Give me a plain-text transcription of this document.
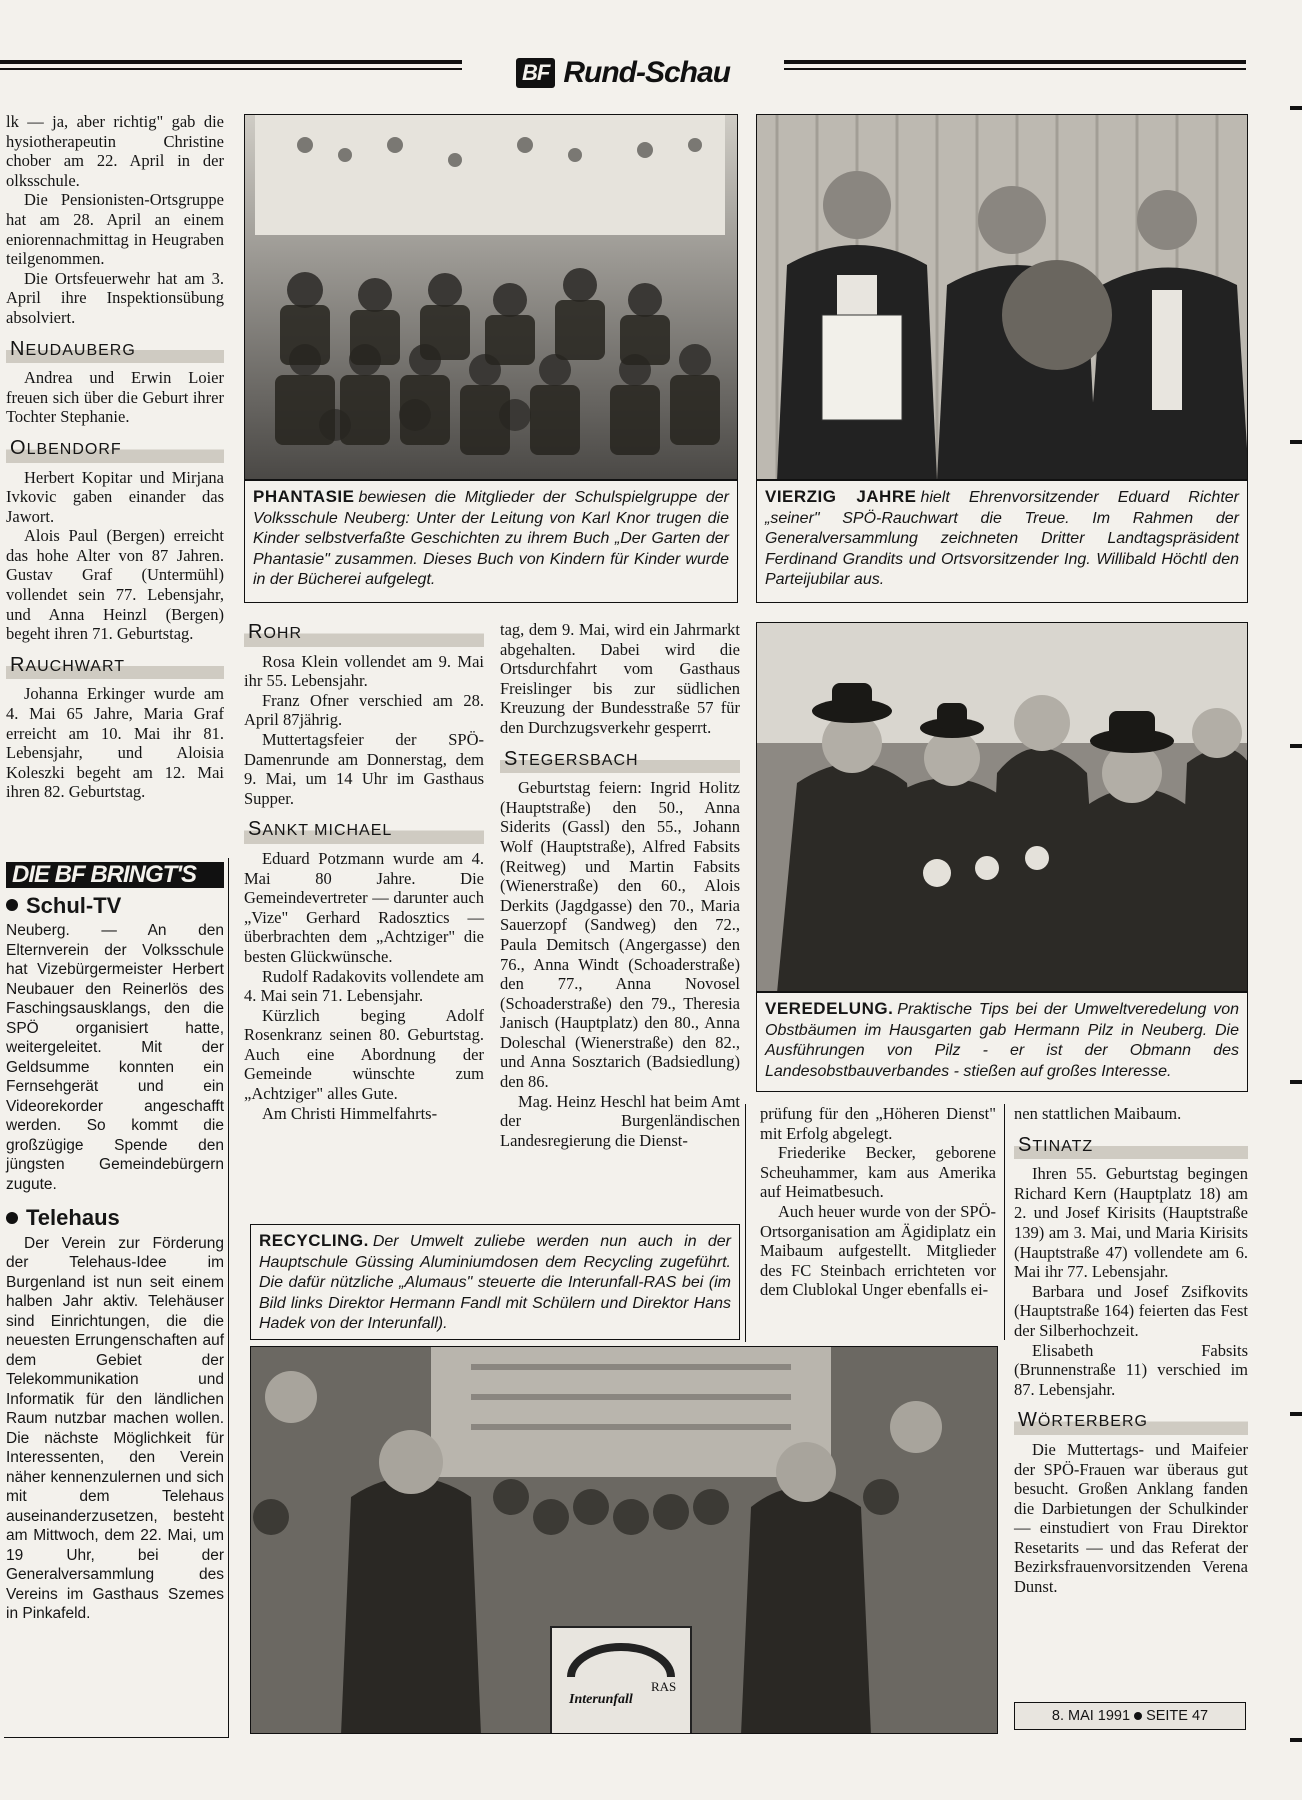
BF Rund-Schau

lk — ja, aber richtig" gab die hysiotherapeutin Christine chober am 22. April in der olksschule.

Die Pensionisten-Ortsgruppe hat am 28. April an einem eniorennachmittag in Heugraben teilgenommen.

Die Ortsfeuerwehr hat am 3. April ihre Inspektionsübung absolviert.

NEUDAUBERG

Andrea und Erwin Loier freuen sich über die Geburt ihrer Tochter Stephanie.

OLBENDORF

Herbert Kopitar und Mirjana Ivkovic gaben einander das Jawort.

Alois Paul (Bergen) erreicht das hohe Alter von 87 Jahren. Gustav Graf (Untermühl) vollendet sein 77. Lebensjahr, und Anna Heinzl (Bergen) begeht ihren 71. Geburtstag.

RAUCHWART

Johanna Erkinger wurde am 4. Mai 65 Jahre, Maria Graf erreicht am 10. Mai ihr 81. Lebensjahr, und Aloisia Koleszki begeht am 12. Mai ihren 82. Geburtstag.

DIE BF BRINGT'S
Schul-TV

Neuberg. — An den Elternverein der Volksschule hat Vizebürgermeister Herbert Neubauer den Reinerlös des Faschingsausklangs, den die SPÖ organisiert hatte, weitergeleitet. Mit der Geldsumme konnten ein Fernsehgerät und ein Videorekorder angeschafft werden. So kommt die großzügige Spende den jüngsten Gemeindebürgern zugute.

Telehaus

Der Verein zur Förderung der Telehaus-Idee im Burgenland ist nun seit einem halben Jahr aktiv. Telehäuser sind Einrichtungen, die die neuesten Errungenschaften auf dem Gebiet der Telekommunikation und Informatik für den ländlichen Raum nutzbar machen wollen. Die nächste Möglichkeit für Interessenten, den Verein näher kennenzulernen und sich mit dem Telehaus auseinanderzusetzen, besteht am Mittwoch, dem 22. Mai, um 19 Uhr, bei der Generalversammlung des Vereins im Gasthaus Szemes in Pinkafeld.

PHANTASIE bewiesen die Mitglieder der Schulspielgruppe der Volksschule Neuberg: Unter der Leitung von Karl Knor trugen die Kinder selbstverfaßte Geschichten zu ihrem Buch „Der Garten der Phantasie" zusammen. Dieses Buch von Kindern für Kinder wurde in der Bücherei aufgelegt.
VIERZIG JAHRE hielt Ehrenvorsitzender Eduard Richter „seiner" SPÖ-Rauchwart die Treue. Im Rahmen der Generalversammlung zeichneten Dritter Landtagspräsident Ferdinand Grandits und Ortsvorsitzender Ing. Willibald Höchtl den Parteijubilar aus.
ROHR

Rosa Klein vollendet am 9. Mai ihr 55. Lebensjahr.

Franz Ofner verschied am 28. April 87jährig.

Muttertagsfeier der SPÖ-Damenrunde am Donnerstag, dem 9. Mai, um 14 Uhr im Gasthaus Supper.

SANKT MICHAEL

Eduard Potzmann wurde am 4. Mai 80 Jahre. Die Gemeindevertreter — darunter auch „Vize" Gerhard Radosztics — überbrachten dem „Achtziger" die besten Glückwünsche.

Rudolf Radakovits vollendete am 4. Mai sein 71. Lebensjahr.

Kürzlich beging Adolf Rosenkranz seinen 80. Geburtstag. Auch eine Abordnung der Gemeinde wünschte zum „Achtziger" alles Gute.

Am Christi Himmelfahrts-

tag, dem 9. Mai, wird ein Jahrmarkt abgehalten. Dabei wird die Ortsdurchfahrt vom Gasthaus Freislinger bis zur südlichen Kreuzung der Bundesstraße 57 für den Durchzugsverkehr gesperrt.

STEGERSBACH

Geburtstag feiern: Ingrid Holitz (Hauptstraße) den 50., Anna Siderits (Gassl) den 55., Johann Wolf (Hauptstraße), Alfred Fabsits (Reitweg) und Martin Fabsits (Wienerstraße) den 60., Alois Derkits (Jagdgasse) den 70., Maria Sauerzopf (Sandweg) den 72., Paula Demitsch (Angergasse) den 76., Anna Windt (Schoaderstraße) den 77., Anna Novosel (Schoaderstraße) den 79., Theresia Janisch (Hauptplatz) den 80., Anna Doleschal (Wienerstraße) den 82., und Anna Sosztarich (Badsiedlung) den 86.

Mag. Heinz Heschl hat beim Amt der Burgenländischen Landesregierung die Dienst-

VEREDELUNG. Praktische Tips bei der Umweltveredelung von Obstbäumen im Hausgarten gab Hermann Pilz in Neuberg. Die Ausführungen von Pilz - er ist der Obmann des Landesobstbauverbandes - stießen auf großes Interesse.

prüfung für den „Höheren Dienst" mit Erfolg abgelegt.

Friederike Becker, geborene Scheuhammer, kam aus Amerika auf Heimatbesuch.

Auch heuer wurde von der SPÖ-Ortsorganisation am Ägidiplatz ein Maibaum aufgestellt. Mitglieder des FC Steinbach errichteten vor dem Clublokal Unger ebenfalls ei-

nen stattlichen Maibaum.

STINATZ

Ihren 55. Geburtstag begingen Richard Kern (Hauptplatz 18) am 2. und Josef Kirisits (Hauptstraße 139) am 3. Mai, und Maria Kirisits (Hauptstraße 47) vollendete am 6. Mai ihr 77. Lebensjahr.

Barbara und Josef Zsifkovits (Hauptstraße 164) feierten das Fest der Silberhochzeit.

Elisabeth Fabsits (Brunnenstraße 11) verschied im 87. Lebensjahr.

WÖRTERBERG

Die Muttertags- und Maifeier der SPÖ-Frauen war überaus gut besucht. Großen Anklang fanden die Darbietungen der Schulkinder — einstudiert von Frau Direktor Resetarits — und das Referat der Bezirksfrauenvorsitzenden Verena Dunst.

RECYCLING. Der Umwelt zuliebe werden nun auch in der Hauptschule Güssing Aluminiumdosen dem Recycling zugeführt. Die dafür nützliche „Alumaus" steuerte die Interunfall-RAS bei (im Bild links Direktor Hermann Fandl mit Schülern und Direktor Hans Hadek von der Interunfall).
Interunfall
RAS
8. MAI 1991 SEITE 47
